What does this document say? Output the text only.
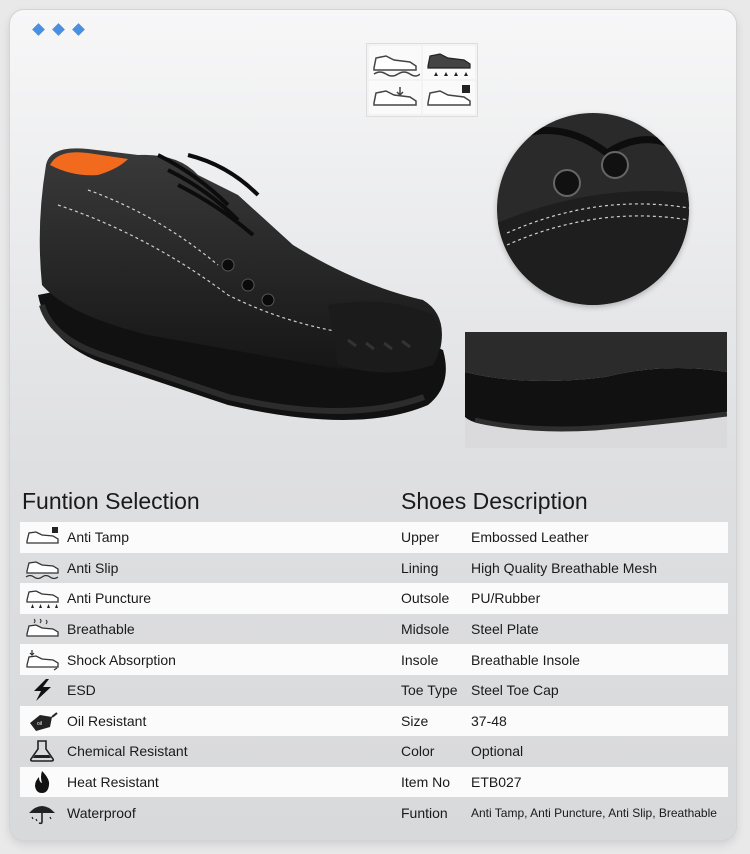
Funtion Selection	Shoes Description
Anti Tamp	Upper Embossed Leather
Anti Slip	Lining High Quality Breathable Mesh
Anti Puncture	Outsole PU/Rubber
Breathable	Midsole Steel Plate
Shock Absorption	Insole Breathable Insole
ESD	Toe Type Steel Toe Cap
oil Oil Resistant	Size	37-48
Chemical Resistant	Color	Optional
Heat Resistant	Item No ETB027
Waterproof	Funtion Anti Tamp, Anti Puncture, Anti Slip, Breathable
